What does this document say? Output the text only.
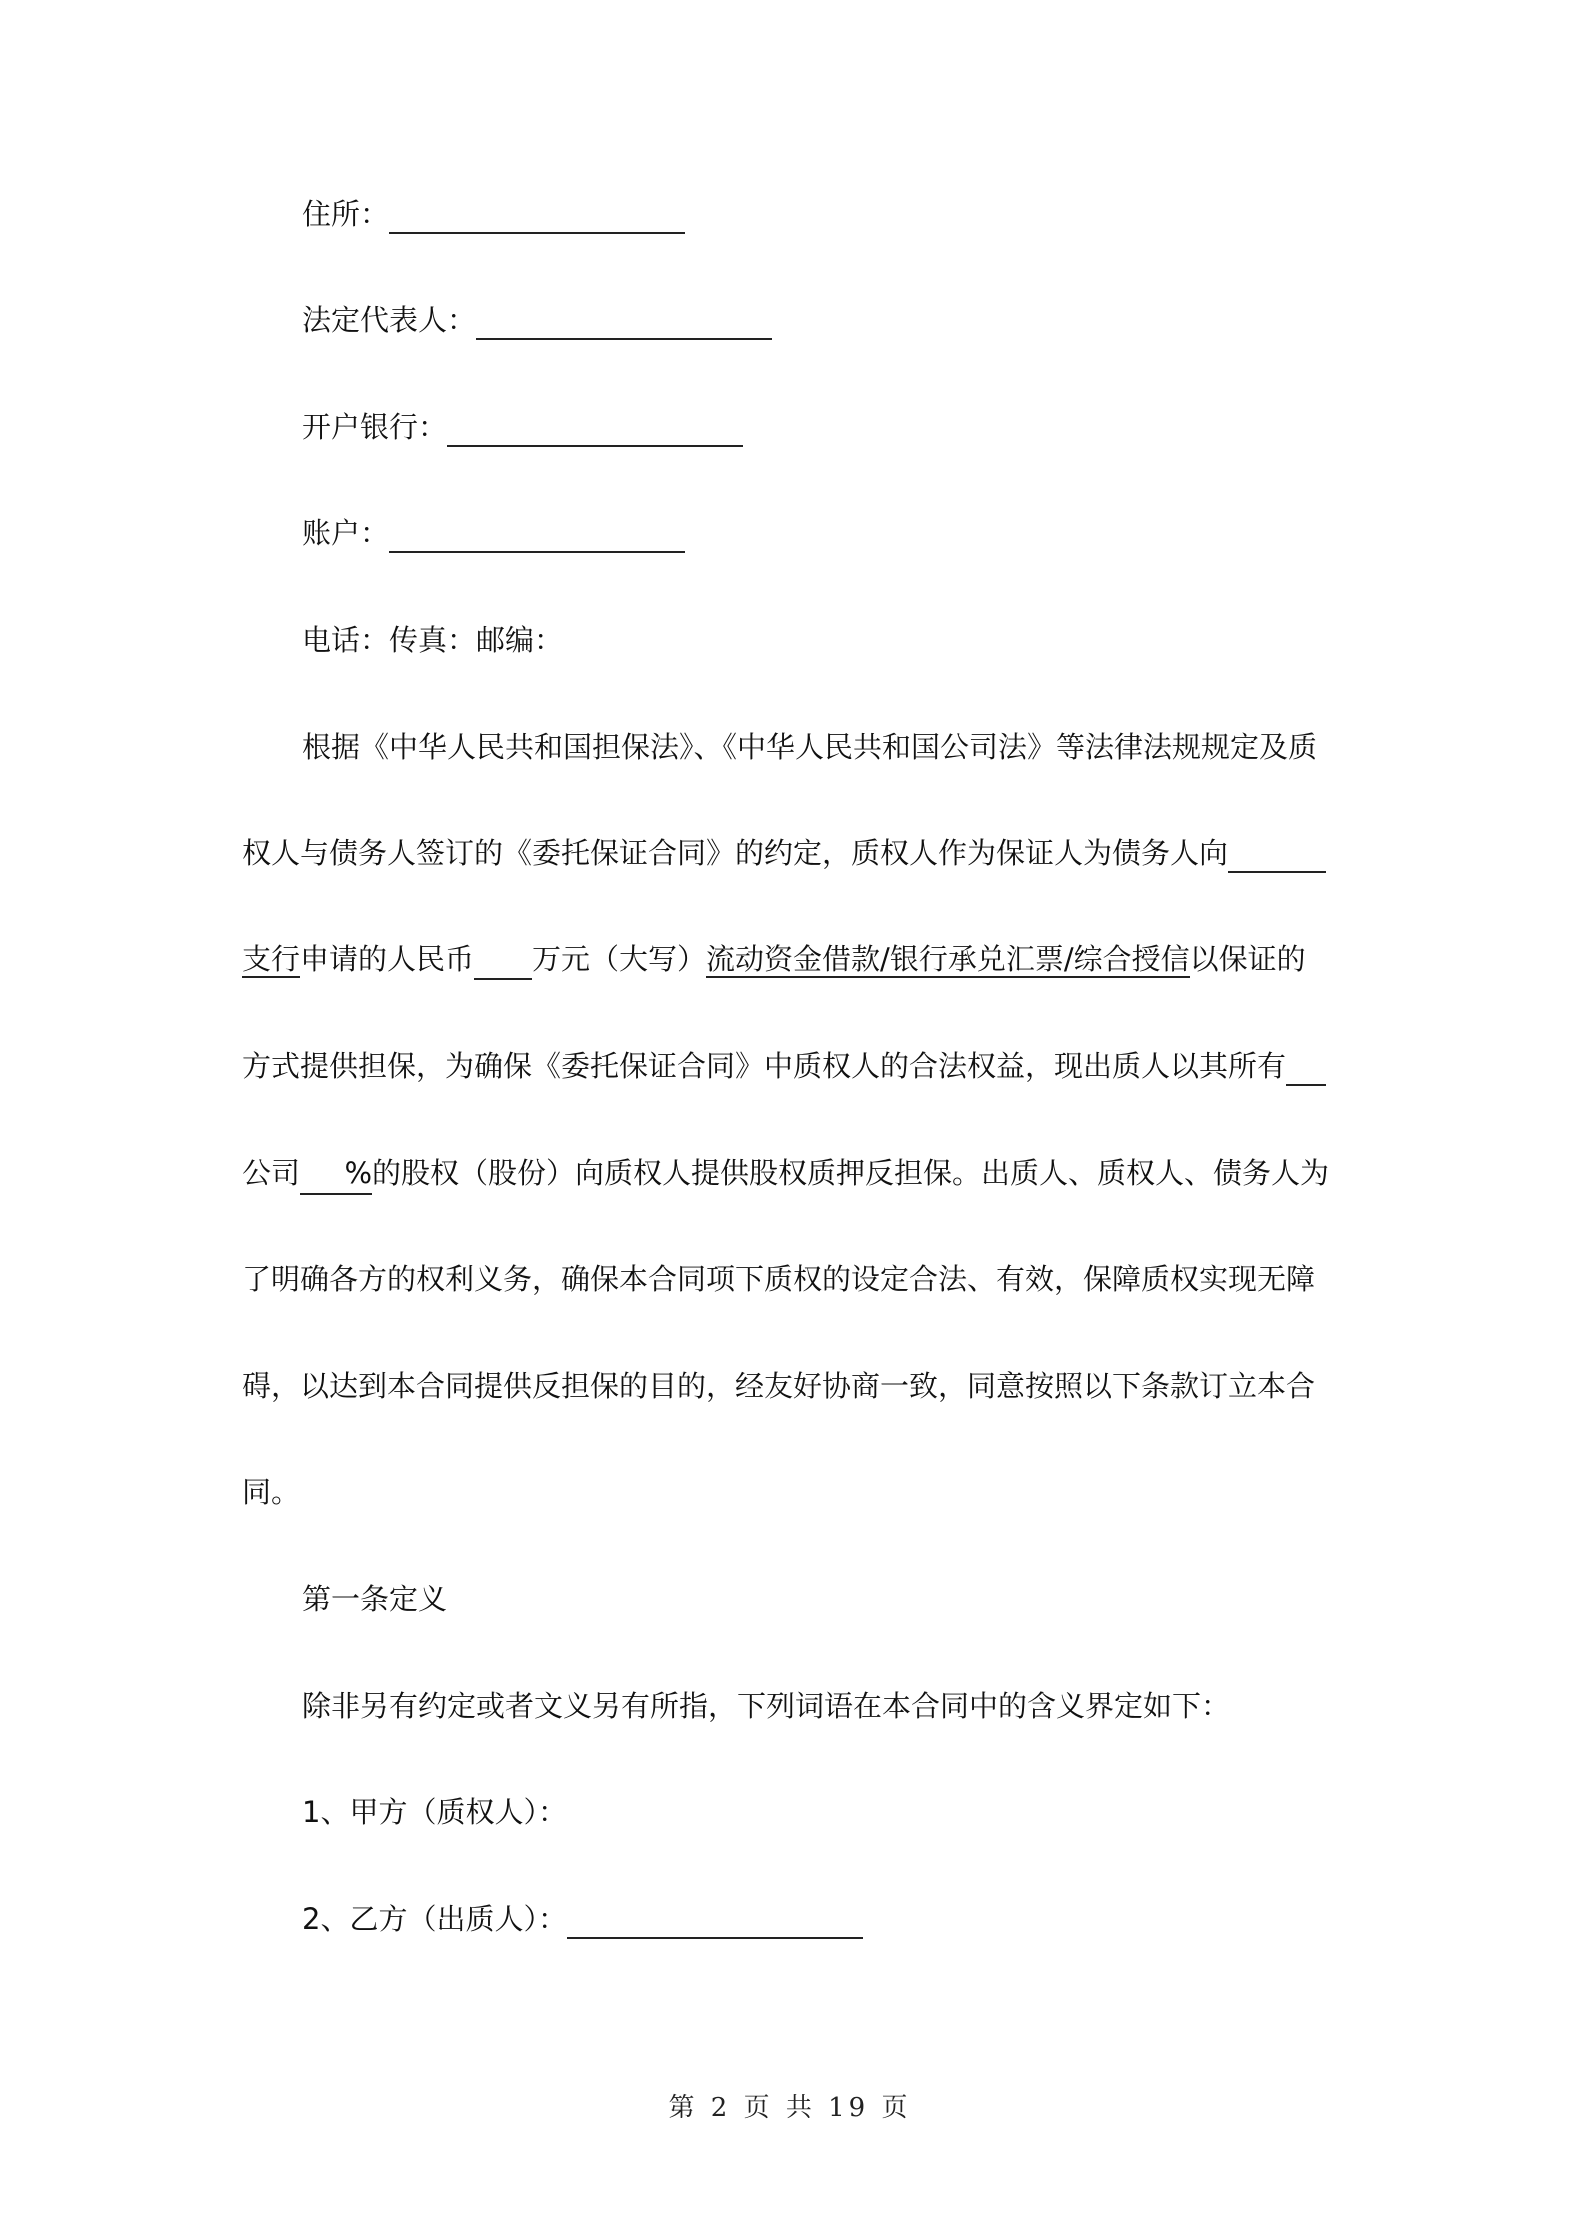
住所：
法定代表人：
开户银行：
账户：
电话：传真：邮编：
根据《中华人民共和国担保法》、《中华人民共和国公司法》等法律法规规定及质
权人与债务人签订的《委托保证合同》的约定，质权人作为保证人为债务人向
支行申请的人民币 万元（大写）流动资金借款/银行承兑汇票/综合授信以保证的
方式提供担保，为确保《委托保证合同》中质权人的合法权益，现出质人以其所有
公司 %的股权（股份）向质权人提供股权质押反担保。出质人、质权人、债务人为
了明确各方的权利义务，确保本合同项下质权的设定合法、有效，保障质权实现无障
碍，以达到本合同提供反担保的目的，经友好协商一致，同意按照以下条款订立本合
同。
第一条定义
除非另有约定或者文义另有所指，下列词语在本合同中的含义界定如下：
1、甲方（质权人）：
2、乙方（出质人）：
第 2 页 共 19 页
